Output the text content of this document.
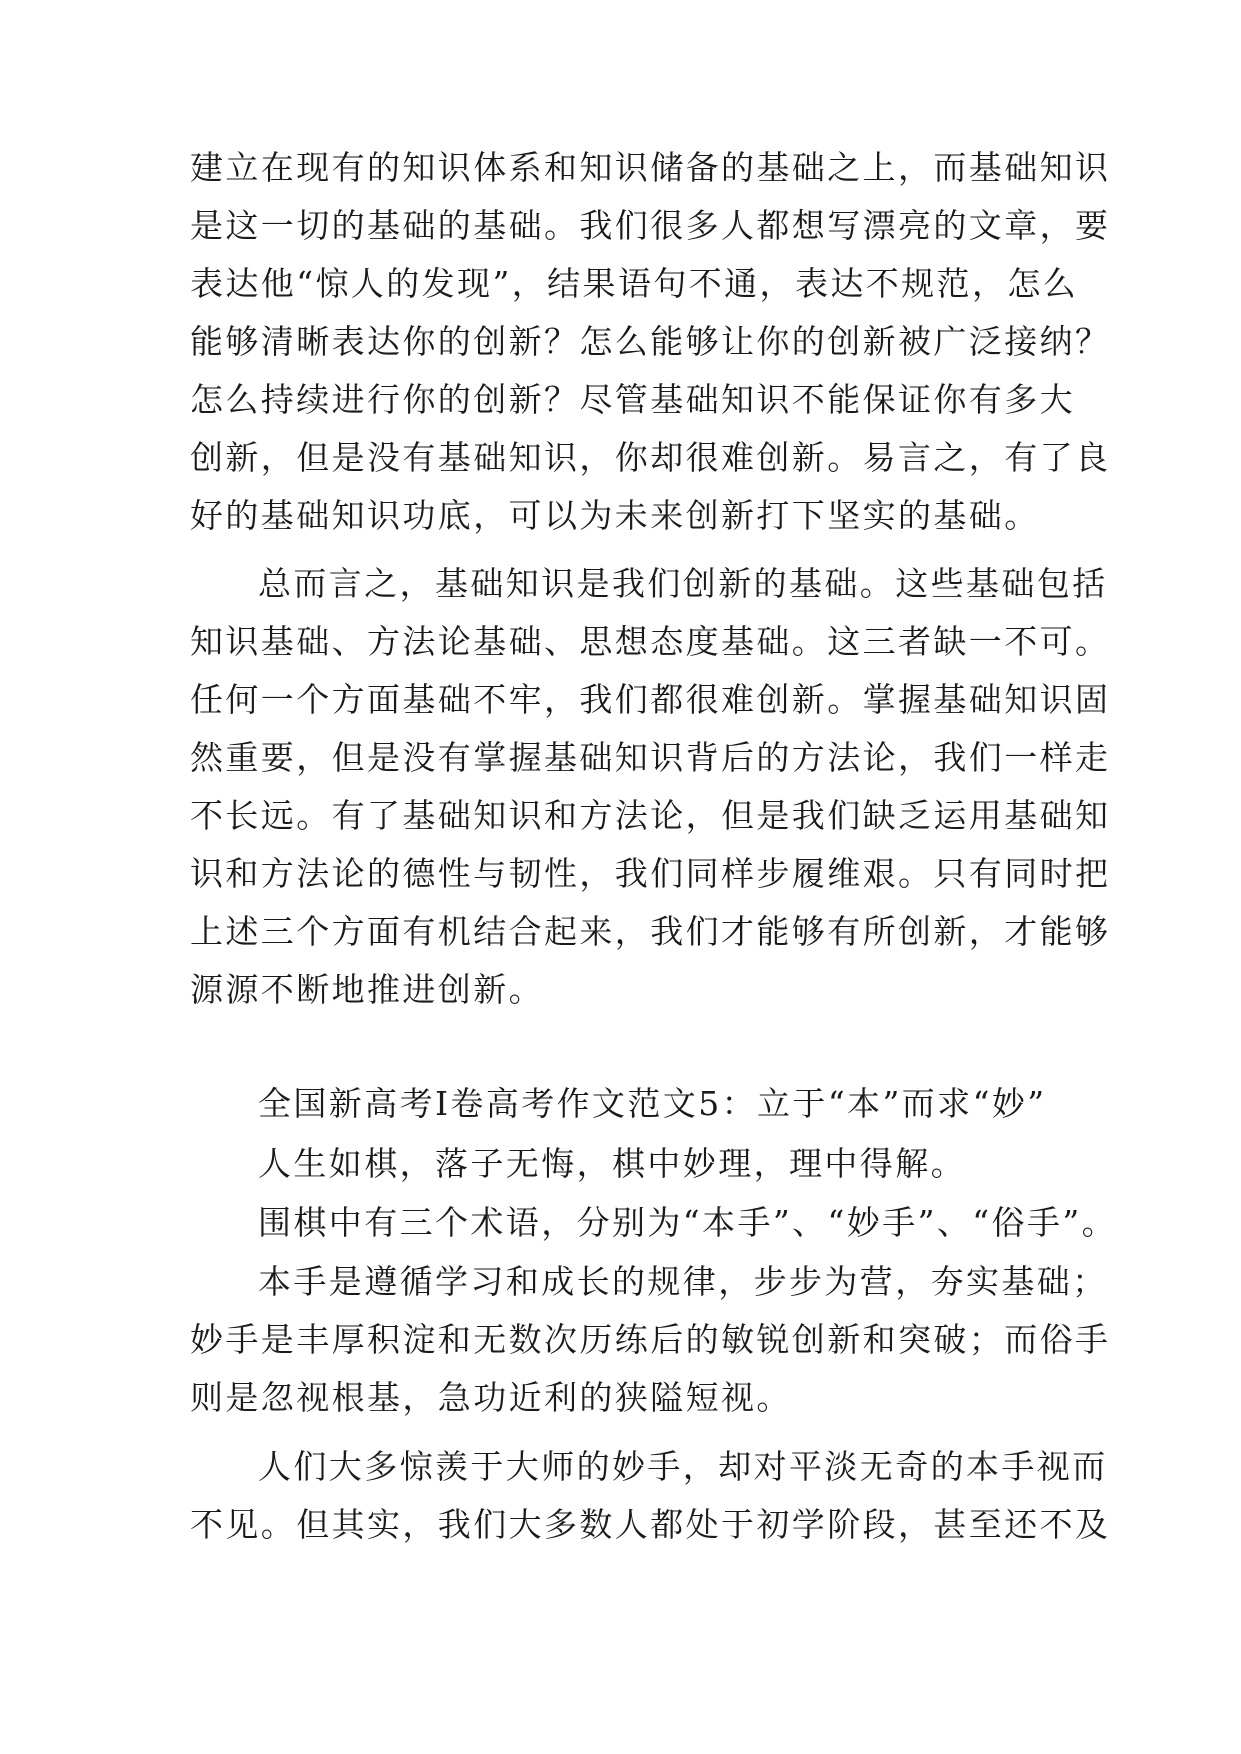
建立在现有的知识体系和知识储备的基础之上，而基础知识
是这一切的基础的基础。我们很多人都想写漂亮的文章，要
表达他“惊人的发现”，结果语句不通，表达不规范，怎么
能够清晰表达你的创新？怎么能够让你的创新被广泛接纳？
怎么持续进行你的创新？尽管基础知识不能保证你有多大
创新，但是没有基础知识，你却很难创新。易言之，有了良
好的基础知识功底，可以为未来创新打下坚实的基础。
总而言之，基础知识是我们创新的基础。这些基础包括
知识基础、方法论基础、思想态度基础。这三者缺一不可。
任何一个方面基础不牢，我们都很难创新。掌握基础知识固
然重要，但是没有掌握基础知识背后的方法论，我们一样走
不长远。有了基础知识和方法论，但是我们缺乏运用基础知
识和方法论的德性与韧性，我们同样步履维艰。只有同时把
上述三个方面有机结合起来，我们才能够有所创新，才能够
源源不断地推进创新。
全国新高考Ⅰ卷高考作文范文5：立于“本”而求“妙”
人生如棋，落子无悔，棋中妙理，理中得解。
围棋中有三个术语，分别为“本手”、“妙手”、“俗手”。
本手是遵循学习和成长的规律，步步为营，夯实基础；
妙手是丰厚积淀和无数次历练后的敏锐创新和突破；而俗手
则是忽视根基，急功近利的狭隘短视。
人们大多惊羡于大师的妙手，却对平淡无奇的本手视而
不见。但其实，我们大多数人都处于初学阶段，甚至还不及
